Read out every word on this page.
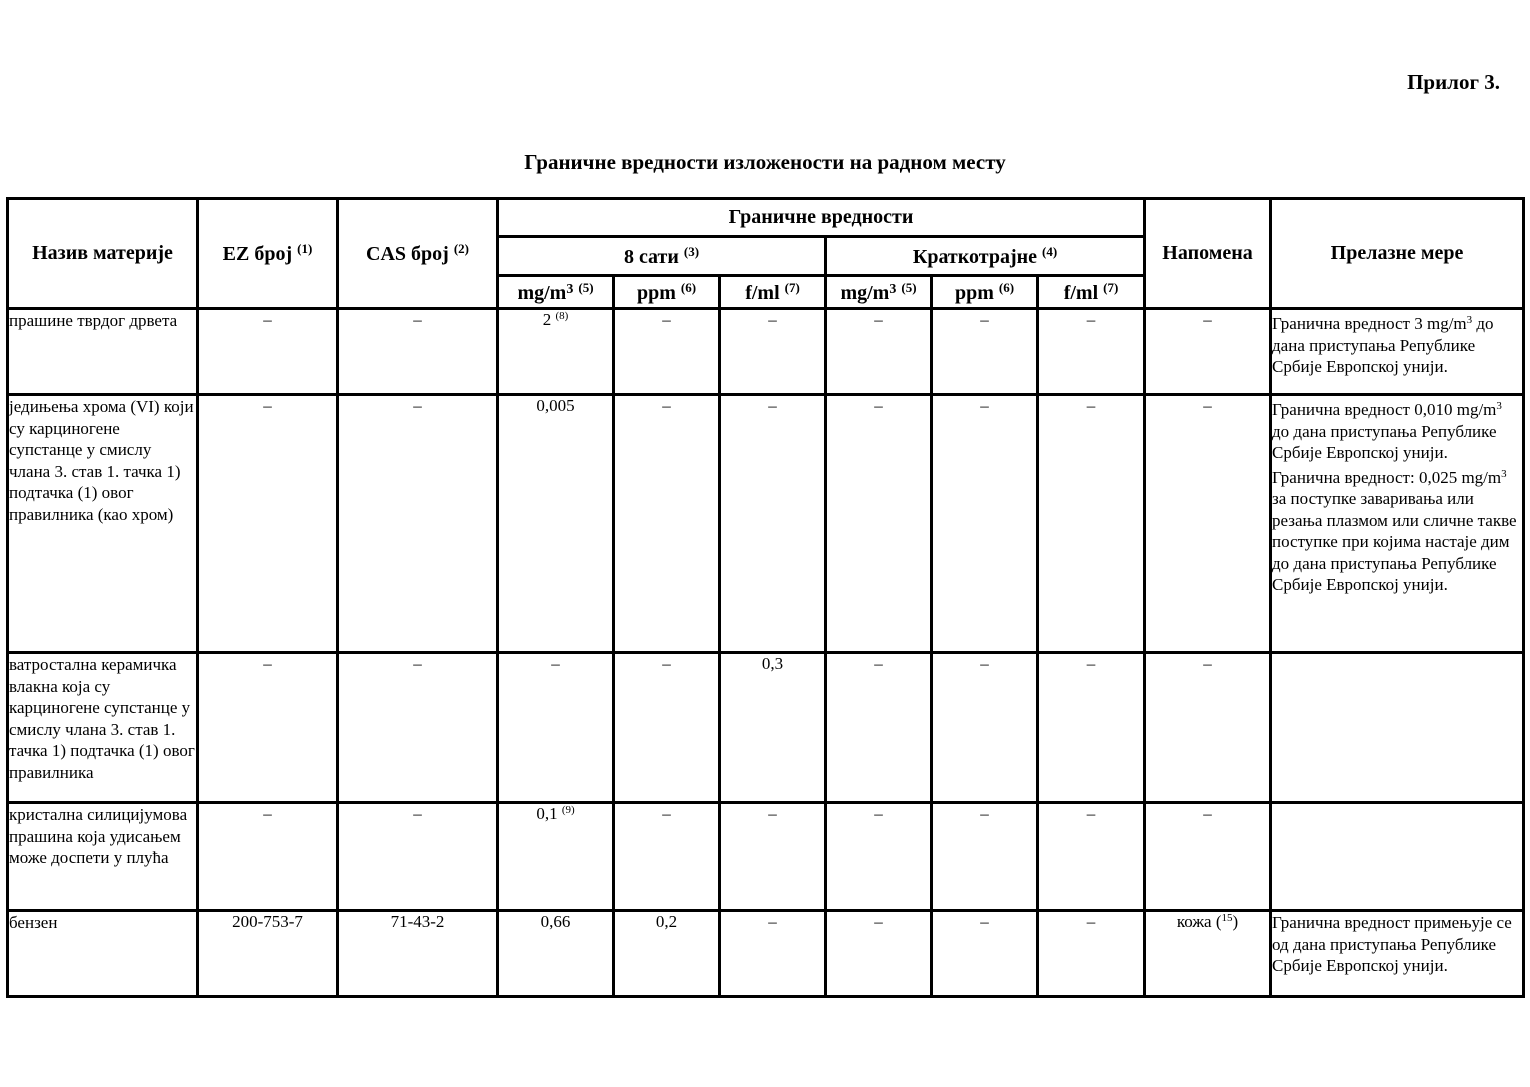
Прилог 3.
Граничне вредности изложености на радном месту
Назив материје	EZ број $^{(1)}$	CAS број $^{(2)}$	Граничне вредности						Напомена	Прелазне мере
			8 сати $^{(3)}$			Краткотрајне $^{(4)}$
			$mg/m^3$ $^{(5)}$	ppm $^{(6)}$	f/ml $^{(7)}$	$mg/m^3$ $^{(5)}$	ppm $^{(6)}$	f/ml $^{(7)}$
прашине тврдог дрвета	–	–	2 $^{(8)}$	–	–	–	–	–	–	Гранична вредност 3 $mg/m^3$ до дана приступања Републике Србије Европској унији.
једињења хрома (VI) који су карциногене супстанце у смислу члана 3. став 1. тачка 1) подтачка (1) овог правилника (као хром)	–	–	0,005	–	–	–	–	–	–	Гранична вредност 0,010 $mg/m^3$ до дана приступања Републике Србије Европској унији.
Гранична вредност: 0,025 $mg/m^3$ за поступке заваривања или резања плазмом или сличне такве поступке при којима настаје дим до дана приступања Републике Србије Европској унији.
ватростална керамичка влакна која су карциногене супстанце у смислу члана 3. став 1. тачка 1) подтачка (1) овог правилника	–	–	–	–	0,3	–	–	–	–	
кристална силицијумова прашина која удисањем може доспети у плућа	–	–	0,1 $^{(9)}$	–	–	–	–	–	–	
бензен	200-753-7	71-43-2	0,66	0,2	–	–	–	–	кожа ($^{15}$)	Гранична вредност примењује се од дана приступања Републике Србије Европској унији.
